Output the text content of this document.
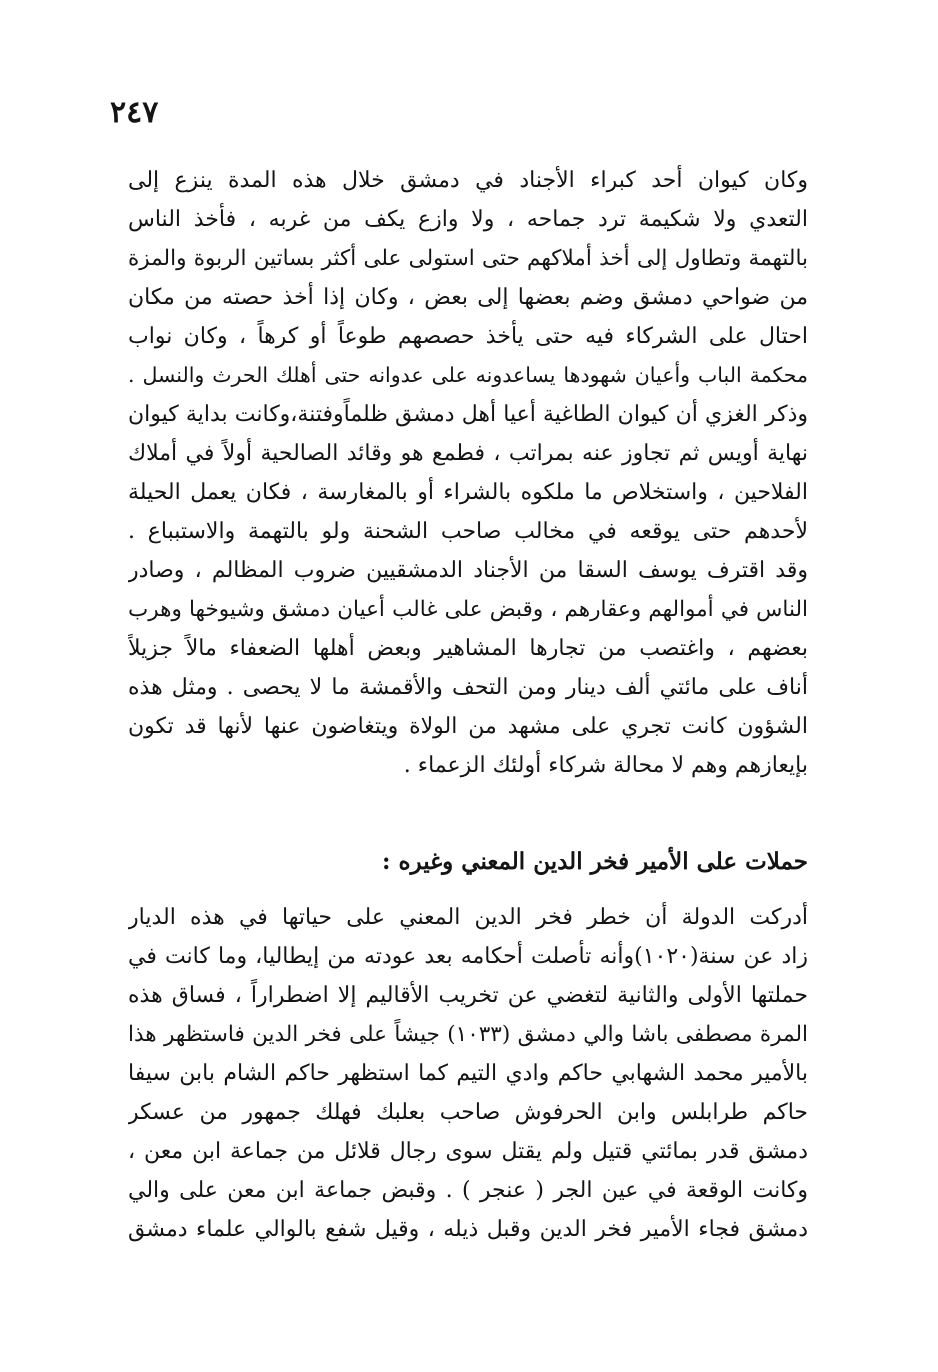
٢٤٧
وكان كيوان أحد كبراء الأجناد في دمشق خلال هذه المدة ينزع إلى
التعدي ولا شكيمة ترد جماحه ، ولا وازع يكف من غربه ، فأخذ الناس
بالتهمة وتطاول إلى أخذ أملاكهم حتى استولى على أكثر بساتين الربوة والمزة
من ضواحي دمشق وضم بعضها إلى بعض ، وكان إذا أخذ حصته من مكان
احتال على الشركاء فيه حتى يأخذ حصصهم طوعاً أو كرهاً ، وكان نواب
محكمة الباب وأعيان شهودها يساعدونه على عدوانه حتى أهلك الحرث والنسل .
وذكر الغزي أن كيوان الطاغية أعيا أهل دمشق ظلماًوفتنة،وكانت بداية كيوان
نهاية أويس ثم تجاوز عنه بمراتب ، فطمع هو وقائد الصالحية أولاً في أملاك
الفلاحين ، واستخلاص ما ملكوه بالشراء أو بالمغارسة ، فكان يعمل الحيلة
لأحدهم حتى يوقعه في مخالب صاحب الشحنة ولو بالتهمة والاستبباع .
وقد اقترف يوسف السقا من الأجناد الدمشقيين ضروب المظالم ، وصادر
الناس في أموالهم وعقارهم ، وقبض على غالب أعيان دمشق وشيوخها وهرب
بعضهم ، واغتصب من تجارها المشاهير وبعض أهلها الضعفاء مالاً جزيلاً
أناف على مائتي ألف دينار ومن التحف والأقمشة ما لا يحصى . ومثل هذه
الشؤون كانت تجري على مشهد من الولاة ويتغاضون عنها لأنها قد تكون
بإيعازهم وهم لا محالة شركاء أولئك الزعماء .
حملات على الأمير فخر الدين المعني وغيره :
أدركت الدولة أن خطر فخر الدين المعني على حياتها في هذه الديار
زاد عن سنة(١٠٢٠)وأنه تأصلت أحكامه بعد عودته من إيطاليا، وما كانت في
حملتها الأولى والثانية لتغضي عن تخريب الأقاليم إلا اضطراراً ، فساق هذه
المرة مصطفى باشا والي دمشق (١٠٣٣) جيشاً على فخر الدين فاستظهر هذا
بالأمير محمد الشهابي حاكم وادي التيم كما استظهر حاكم الشام بابن سيفا
حاكم طرابلس وابن الحرفوش صاحب بعلبك فهلك جمهور من عسكر
دمشق قدر بمائتي قتيل ولم يقتل سوى رجال قلائل من جماعة ابن معن ،
وكانت الوقعة في عين الجر ( عنجر ) . وقبض جماعة ابن معن على والي
دمشق فجاء الأمير فخر الدين وقبل ذيله ، وقيل شفع بالوالي علماء دمشق
